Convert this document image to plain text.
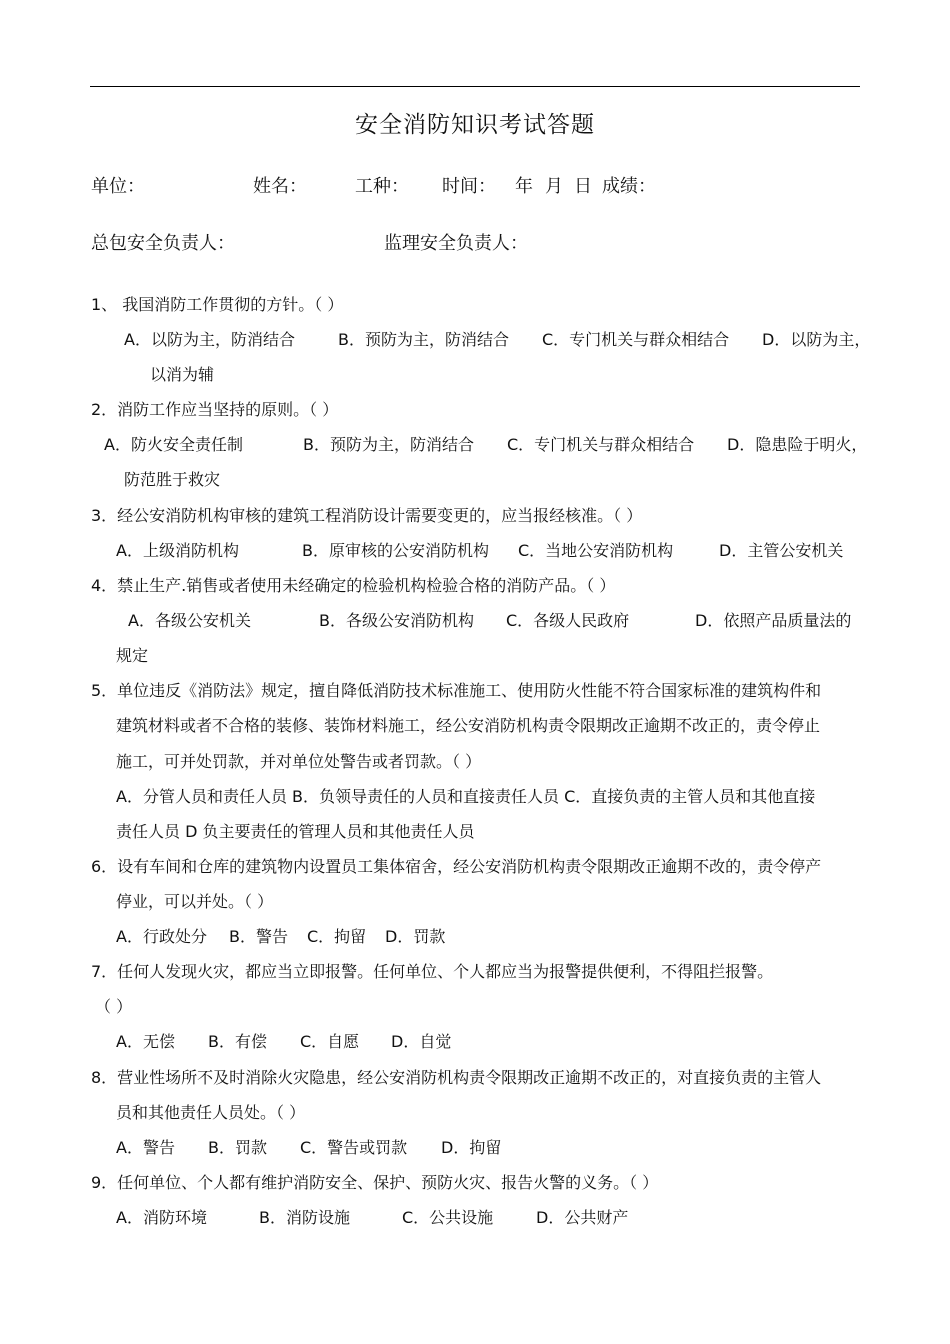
安全消防知识考试答题
单位：	姓名：	工种： 时间： 年 月 日 成绩：
总包安全负责人：	监理安全负责人：
1、 我国消防工作贯彻的方针。（ ）
A．以防为主，防消结合	B．预防为主，防消结合 C．专门机关与群众相结合 D．以防为主，
以消为辅
2．消防工作应当坚持的原则。（ ）
A．防火安全责任制	B．预防为主，防消结合 C．专门机关与群众相结合 D．隐患险于明火，
防范胜于救灾
3．经公安消防机构审核的建筑工程消防设计需要变更的，应当报经核准。（ ）
A．上级消防机构	B．原审核的公安消防机构 C．当地公安消防机构	D．主管公安机关
4．禁止生产.销售或者使用未经确定的检验机构检验合格的消防产品。（ ）
A．各级公安机关	B．各级公安消防机构 C．各级人民政府	D．依照产品质量法的
规定
5．单位违反《消防法》规定，擅自降低消防技术标准施工、使用防火性能不符合国家标准的建筑构件和
建筑材料或者不合格的装修、装饰材料施工，经公安消防机构责令限期改正逾期不改正的，责令停止
施工，可并处罚款，并对单位处警告或者罚款。（ ）
A．分管人员和责任人员 B．负领导责任的人员和直接责任人员 C．直接负责的主管人员和其他直接
责任人员 D 负主要责任的管理人员和其他责任人员
6．设有车间和仓库的建筑物内设置员工集体宿舍，经公安消防机构责令限期改正逾期不改的，责令停产
停业，可以并处。（ ）
A．行政处分 B．警告 C．拘留 D．罚款
7．任何人发现火灾，都应当立即报警。任何单位、个人都应当为报警提供便利，不得阻拦报警。
（ ）
A．无偿 B．有偿 C．自愿 D．自觉
8．营业性场所不及时消除火灾隐患，经公安消防机构责令限期改正逾期不改正的，对直接负责的主管人
员和其他责任人员处。（ ）
A．警告 B．罚款 C．警告或罚款 D．拘留
9．任何单位、个人都有维护消防安全、保护、预防火灾、报告火警的义务。（ ）
A．消防环境	B．消防设施	C．公共设施	D．公共财产
